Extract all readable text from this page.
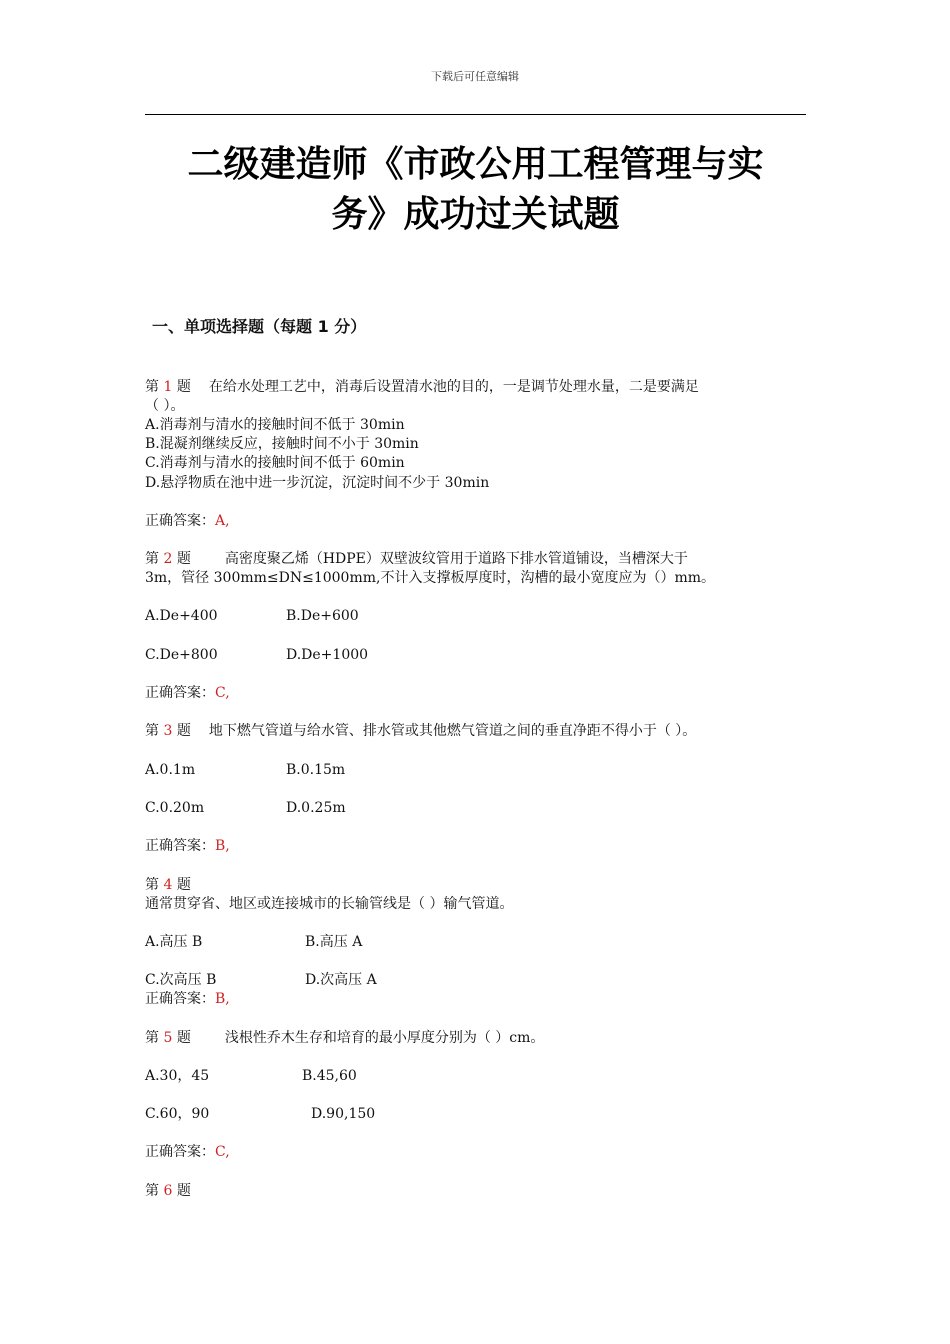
下载后可任意编辑
二级建造师《市政公用工程管理与实
务》成功过关试题
一、单项选择题（每题 1 分）
第 1 题 在给水处理工艺中，消毒后设置清水池的目的，一是调节处理水量，二是要满足
（ ）。
A.消毒剂与清水的接触时间不低于 30min
B.混凝剂继续反应，接触时间不小于 30min
C.消毒剂与清水的接触时间不低于 60min
D.悬浮物质在池中进一步沉淀，沉淀时间不少于 30min
正确答案：A,
第 2 题 高密度聚乙烯（HDPE）双壁波纹管用于道路下排水管道铺设，当槽深大于
3m，管径 300mm≤DN≤1000mm,不计入支撑板厚度时，沟槽的最小宽度应为（）mm。
A.De+400	B.De+600
C.De+800	D.De+1000
正确答案：C,
第 3 题 地下燃气管道与给水管、排水管或其他燃气管道之间的垂直净距不得小于（ ）。
A.0.1m	B.0.15m
C.0.20m	D.0.25m
正确答案：B,
第 4 题
通常贯穿省、地区或连接城市的长输管线是（ ）输气管道。
A.高压 B	B.高压 A
C.次高压 B	D.次高压 A
正确答案：B,
第 5 题 浅根性乔木生存和培育的最小厚度分别为（ ）cm。
A.30，45	B.45,60
C.60，90	D.90,150
正确答案：C,
第 6 题
